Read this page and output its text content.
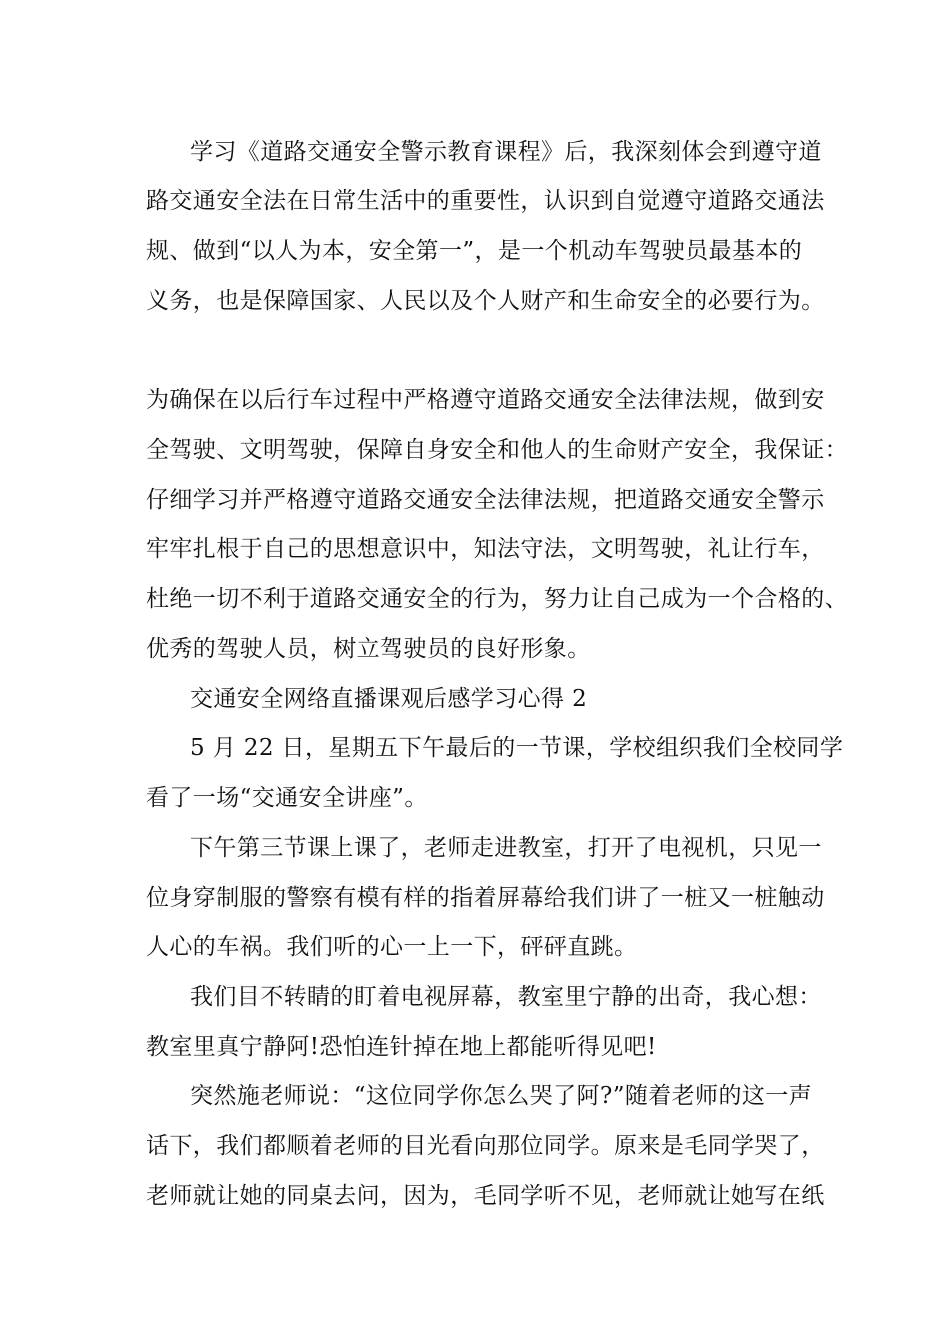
学习《道路交通安全警示教育课程》后，我深刻体会到遵守道
路交通安全法在日常生活中的重要性，认识到自觉遵守道路交通法
规、做到“以人为本，安全第一”，是一个机动车驾驶员最基本的
义务，也是保障国家、人民以及个人财产和生命安全的必要行为。
为确保在以后行车过程中严格遵守道路交通安全法律法规，做到安
全驾驶、文明驾驶，保障自身安全和他人的生命财产安全，我保证：
仔细学习并严格遵守道路交通安全法律法规，把道路交通安全警示
牢牢扎根于自己的思想意识中，知法守法，文明驾驶，礼让行车，
杜绝一切不利于道路交通安全的行为，努力让自己成为一个合格的、
优秀的驾驶人员，树立驾驶员的良好形象。
交通安全网络直播课观后感学习心得 2
5 月 22 日，星期五下午最后的一节课，学校组织我们全校同学
看了一场“交通安全讲座”。
下午第三节课上课了，老师走进教室，打开了电视机，只见一
位身穿制服的警察有模有样的指着屏幕给我们讲了一桩又一桩触动
人心的车祸。我们听的心一上一下，砰砰直跳。
我们目不转睛的盯着电视屏幕，教室里宁静的出奇，我心想：
教室里真宁静阿!恐怕连针掉在地上都能听得见吧!
突然施老师说：“这位同学你怎么哭了阿?”随着老师的这一声
话下，我们都顺着老师的目光看向那位同学。原来是毛同学哭了，
老师就让她的同桌去问，因为，毛同学听不见，老师就让她写在纸
